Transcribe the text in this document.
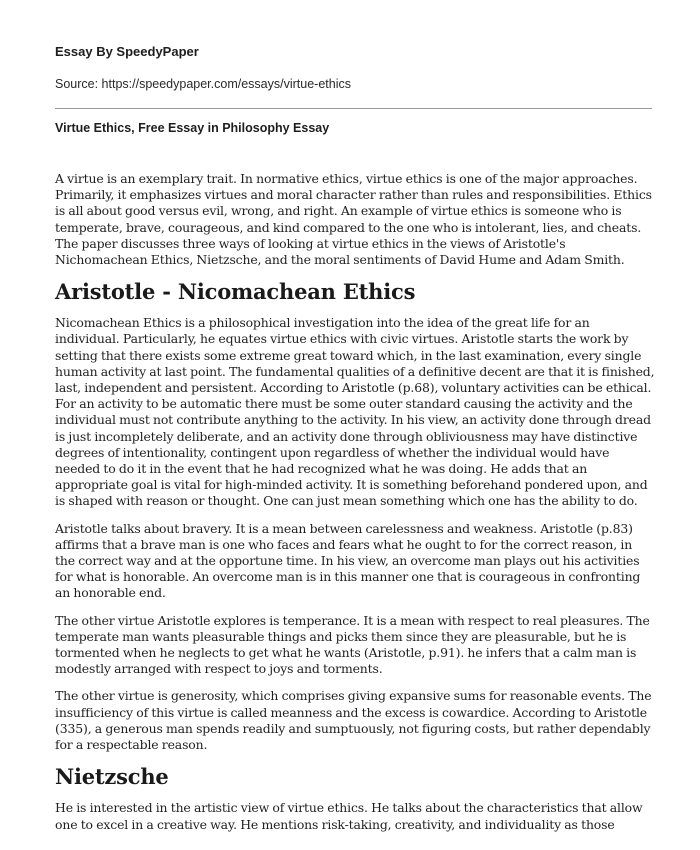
Essay By SpeedyPaper

Source: https://speedypaper.com/essays/virtue-ethics

Virtue Ethics, Free Essay in Philosophy Essay

A virtue is an exemplary trait. In normative ethics, virtue ethics is one of the major approaches. Primarily, it emphasizes virtues and moral character rather than rules and responsibilities. Ethics is all about good versus evil, wrong, and right. An example of virtue ethics is someone who is temperate, brave, courageous, and kind compared to the one who is intolerant, lies, and cheats. The paper discusses three ways of looking at virtue ethics in the views of Aristotle's Nichomachean Ethics, Nietzsche, and the moral sentiments of David Hume and Adam Smith.

Aristotle - Nicomachean Ethics

Nicomachean Ethics is a philosophical investigation into the idea of the great life for an individual. Particularly, he equates virtue ethics with civic virtues. Aristotle starts the work by setting that there exists some extreme great toward which, in the last examination, every single human activity at last point. The fundamental qualities of a definitive decent are that it is finished, last, independent and persistent. According to Aristotle (p.68), voluntary activities can be ethical. For an activity to be automatic there must be some outer standard causing the activity and the individual must not contribute anything to the activity. In his view, an activity done through dread is just incompletely deliberate, and an activity done through obliviousness may have distinctive degrees of intentionality, contingent upon regardless of whether the individual would have needed to do it in the event that he had recognized what he was doing. He adds that an appropriate goal is vital for high-minded activity. It is something beforehand pondered upon, and is shaped with reason or thought. One can just mean something which one has the ability to do.

Aristotle talks about bravery. It is a mean between carelessness and weakness. Aristotle (p.83) affirms that a brave man is one who faces and fears what he ought to for the correct reason, in the correct way and at the opportune time. In his view, an overcome man plays out his activities for what is honorable. An overcome man is in this manner one that is courageous in confronting an honorable end.

The other virtue Aristotle explores is temperance. It is a mean with respect to real pleasures. The temperate man wants pleasurable things and picks them since they are pleasurable, but he is tormented when he neglects to get what he wants (Aristotle, p.91). he infers that a calm man is modestly arranged with respect to joys and torments.

The other virtue is generosity, which comprises giving expansive sums for reasonable events. The insufficiency of this virtue is called meanness and the excess is cowardice. According to Aristotle (335), a generous man spends readily and sumptuously, not figuring costs, but rather dependably for a respectable reason.

Nietzsche

He is interested in the artistic view of virtue ethics. He talks about the characteristics that allow one to excel in a creative way. He mentions risk-taking, creativity, and individuality as those
